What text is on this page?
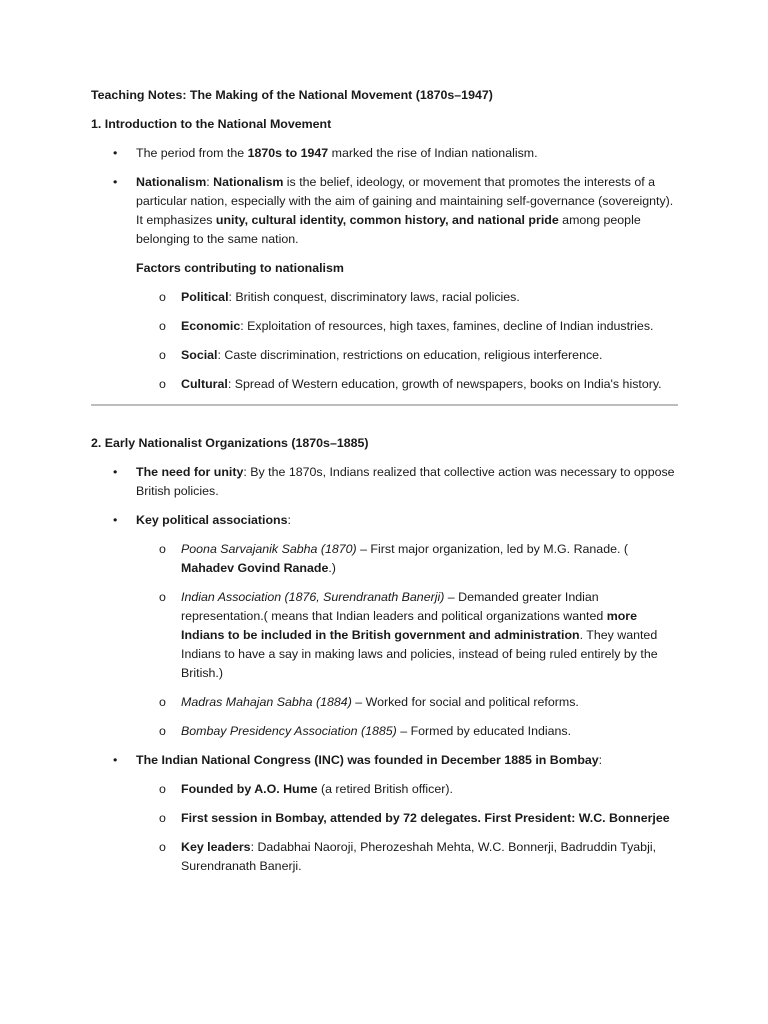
Teaching Notes: The Making of the National Movement (1870s–1947)

1. Introduction to the National Movement

• The period from the 1870s to 1947 marked the rise of Indian nationalism.
• Nationalism: Nationalism is the belief, ideology, or movement that promotes the interests of a particular nation, especially with the aim of gaining and maintaining self-governance (sovereignty). It emphasizes unity, cultural identity, common history, and national pride among people belonging to the same nation.

Factors contributing to nationalism

o Political: British conquest, discriminatory laws, racial policies.
o Economic: Exploitation of resources, high taxes, famines, decline of Indian industries.
o Social: Caste discrimination, restrictions on education, religious interference.
o Cultural: Spread of Western education, growth of newspapers, books on India's history.

2. Early Nationalist Organizations (1870s–1885)

• The need for unity: By the 1870s, Indians realized that collective action was necessary to oppose British policies.
• Key political associations:
o Poona Sarvajanik Sabha (1870) – First major organization, led by M.G. Ranade. ( Mahadev Govind Ranade.)
o Indian Association (1876, Surendranath Banerji) – Demanded greater Indian representation.( means that Indian leaders and political organizations wanted more Indians to be included in the British government and administration. They wanted Indians to have a say in making laws and policies, instead of being ruled entirely by the British.)
o Madras Mahajan Sabha (1884) – Worked for social and political reforms.
o Bombay Presidency Association (1885) – Formed by educated Indians.
• The Indian National Congress (INC) was founded in December 1885 in Bombay:
o Founded by A.O. Hume (a retired British officer).
o First session in Bombay, attended by 72 delegates. First President: W.C. Bonnerjee
o Key leaders: Dadabhai Naoroji, Pherozeshah Mehta, W.C. Bonnerji, Badruddin Tyabji, Surendranath Banerji.
